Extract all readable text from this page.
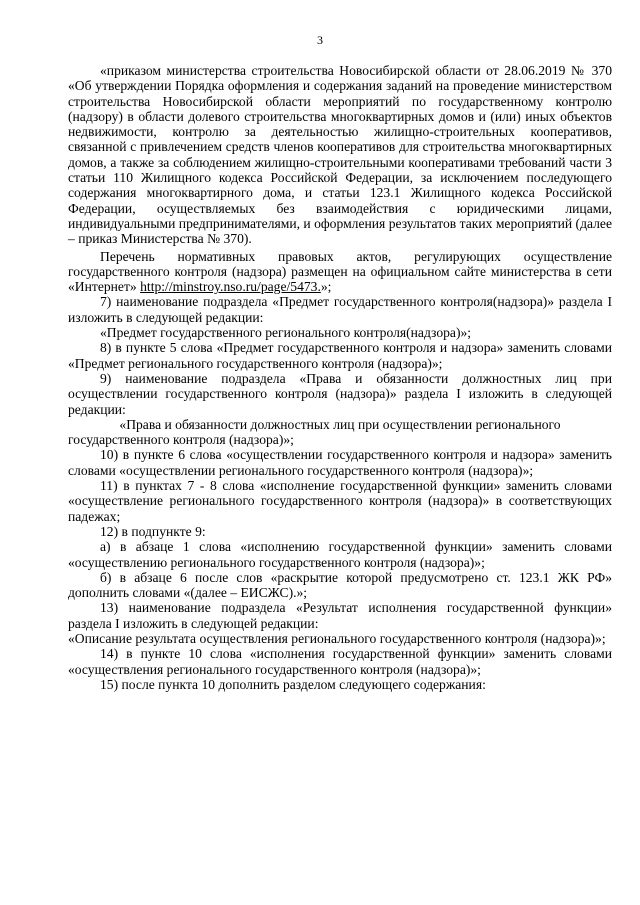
3

«приказом министерства строительства Новосибирской области от 28.06.2019 № 370 «Об утверждении Порядка оформления и содержания заданий на проведение министерством строительства Новосибирской области мероприятий по государственному контролю (надзору) в области долевого строительства многоквартирных домов и (или) иных объектов недвижимости, контролю за деятельностью жилищно-строительных кооперативов, связанной с привлечением средств членов кооперативов для строительства многоквартирных домов, а также за соблюдением жилищно-строительными кооперативами требований части 3 статьи 110 Жилищного кодекса Российской Федерации, за исключением последующего содержания многоквартирного дома, и статьи 123.1 Жилищного кодекса Российской Федерации, осуществляемых без взаимодействия с юридическими лицами, индивидуальными предпринимателями, и оформления результатов таких мероприятий (далее – приказ Министерства № 370).

Перечень нормативных правовых актов, регулирующих осуществление государственного контроля (надзора) размещен на официальном сайте министерства в сети «Интернет» http://minstroy.nso.ru/page/5473.»;

7) наименование подраздела «Предмет государственного контроля(надзора)» раздела I изложить в следующей редакции:

«Предмет государственного регионального контроля(надзора)»;

8) в пункте 5 слова «Предмет государственного контроля и надзора» заменить словами «Предмет регионального государственного контроля (надзора)»;

9) наименование подраздела «Права и обязанности должностных лиц при осуществлении государственного контроля (надзора)» раздела I изложить в следующей редакции:

«Права и обязанности должностных лиц при осуществлении регионального государственного контроля (надзора)»;

10) в пункте 6 слова «осуществлении государственного контроля и надзора» заменить словами «осуществлении регионального государственного контроля (надзора)»;

11) в пунктах 7 - 8 слова «исполнение государственной функции» заменить словами «осуществление регионального государственного контроля (надзора)» в соответствующих падежах;

12) в подпункте 9:

а) в абзаце 1 слова «исполнению государственной функции» заменить словами «осуществлению регионального государственного контроля (надзора)»;

б) в абзаце 6 после слов «раскрытие которой предусмотрено ст. 123.1 ЖК РФ» дополнить словами «(далее – ЕИСЖС).»;

13) наименование подраздела «Результат исполнения государственной функции» раздела I изложить в следующей редакции:

«Описание результата осуществления регионального государственного контроля (надзора)»;

14) в пункте 10 слова «исполнения государственной функции» заменить словами «осуществления регионального государственного контроля (надзора)»;

15) после пункта 10 дополнить разделом следующего содержания:
